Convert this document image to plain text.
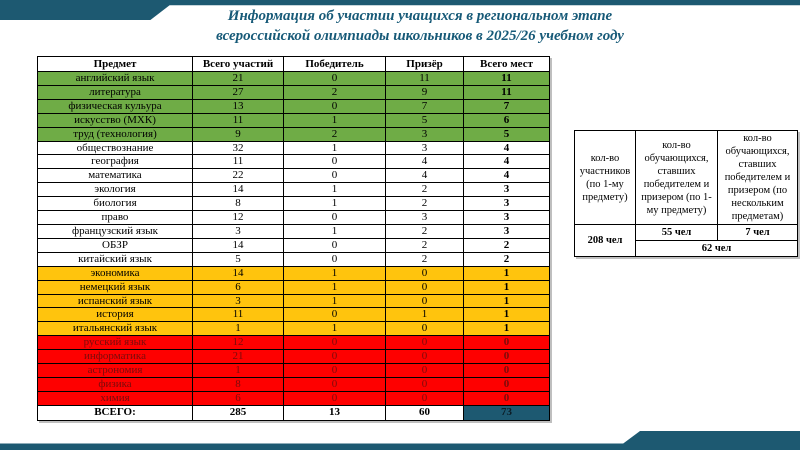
Информация об участии учащихся в региональном этапе
всероссийской олимпиады школьников в 2025/26 учебном году
Предмет	Всего участий	Победитель	Призёр	Всего мест
английский язык	21	0	11	11
литература	27	2	9	11
физическая кульура	13	0	7	7
искусство (МХК)	11	1	5	6
труд (технология)	9	2	3	5
обществознание	32	1	3	4
география	11	0	4	4
математика	22	0	4	4
экология	14	1	2	3
биология	8	1	2	3
право	12	0	3	3
французский язык	3	1	2	3
ОБЗР	14	0	2	2
китайский язык	5	0	2	2
экономика	14	1	0	1
немецкий язык	6	1	0	1
испанский язык	3	1	0	1
история	11	0	1	1
итальянский язык	1	1	0	1
русский язык	12	0	0	0
информатика	21	0	0	0
астрономия	1	0	0	0
физика	8	0	0	0
химия	6	0	0	0
ВСЕГО:	285	13	60	73
кол-во участников (по 1-му предмету)	кол-во обучающихся, ставших победителем и призером (по 1-му предмету)	кол-во обучающихся, ставших победителем и призером (по нескольким предметам)
208 чел	55 чел	7 чел
	62 чел	
